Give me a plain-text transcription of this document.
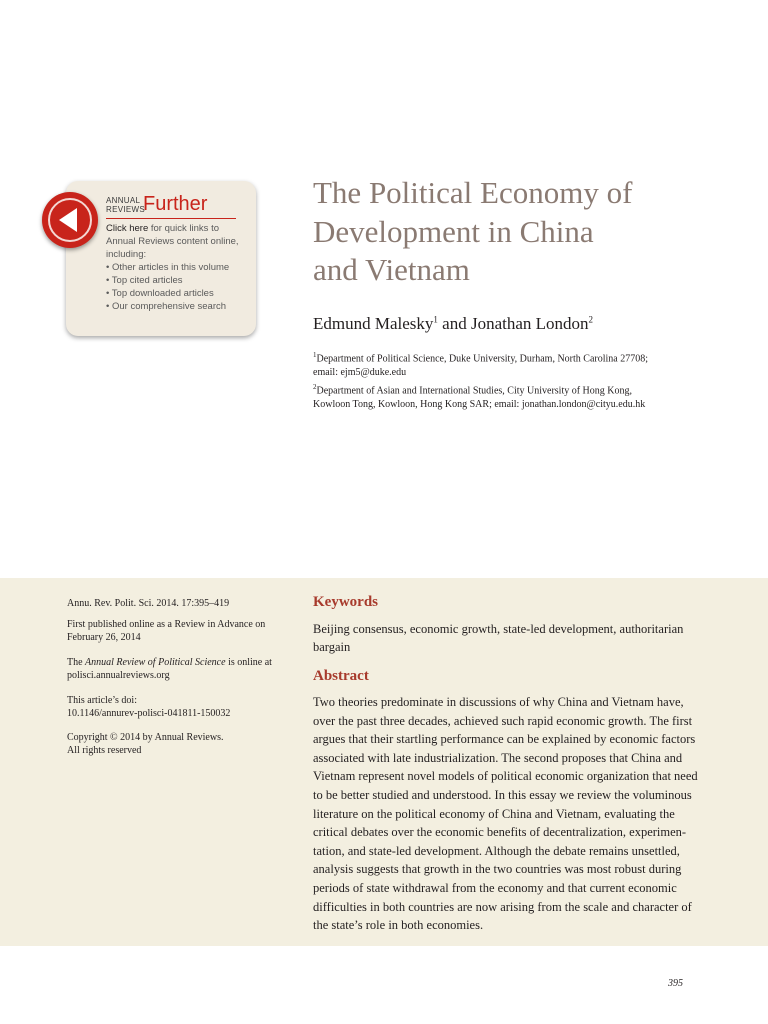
ANNUAL
REVIEWS
Further
Click here for quick links to
Annual Reviews content online,
including:
• Other articles in this volume
• Top cited articles
• Top downloaded articles
• Our comprehensive search
The Political Economy of
Development in China
and Vietnam
Edmund Malesky$^1$ and Jonathan London$^2$
$^1$Department of Political Science, Duke University, Durham, North Carolina 27708;
email: ejm5@duke.edu
$^2$Department of Asian and International Studies, City University of Hong Kong,
Kowloon Tong, Kowloon, Hong Kong SAR; email: jonathan.london@cityu.edu.hk
Annu. Rev. Polit. Sci. 2014. 17:395–419
First published online as a Review in Advance on
February 26, 2014
The Annual Review of Political Science is online at
polisci.annualreviews.org
This article’s doi:
10.1146/annurev-polisci-041811-150032
Copyright © 2014 by Annual Reviews.
All rights reserved
Keywords
Beijing consensus, economic growth, state-led development, authoritarian
bargain
Abstract
Two theories predominate in discussions of why China and Vietnam have,
over the past three decades, achieved such rapid economic growth. The first
argues that their startling performance can be explained by economic factors
associated with late industrialization. The second proposes that China and
Vietnam represent novel models of political economic organization that need
to be better studied and understood. In this essay we review the voluminous
literature on the political economy of China and Vietnam, evaluating the
critical debates over the economic benefits of decentralization, experimen-
tation, and state-led development. Although the debate remains unsettled,
analysis suggests that growth in the two countries was most robust during
periods of state withdrawal from the economy and that current economic
difficulties in both countries are now arising from the scale and character of
the state’s role in both economies.
395
